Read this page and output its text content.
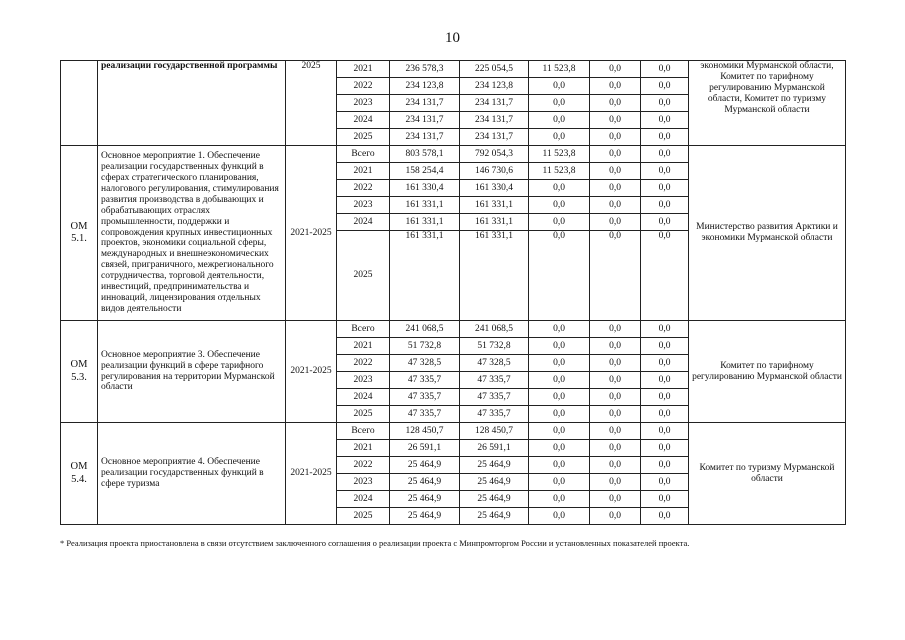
10
	реализации государственной программы	2025	2021	236 578,3	225 054,5	11 523,8	0,0	0,0	экономики Мурманской области, Комитет по тарифному регулированию Мурманской области, Комитет по туризму Мурманской области
			2022	234 123,8	234 123,8	0,0	0,0	0,0	
			2023	234 131,7	234 131,7	0,0	0,0	0,0	
			2024	234 131,7	234 131,7	0,0	0,0	0,0	
			2025	234 131,7	234 131,7	0,0	0,0	0,0	
ОМ 5.1.	Основное мероприятие 1. Обеспечение реализации государственных функций в сферах стратегического планирования, налогового регулирования, стимулирования развития производства в добывающих и обрабатывающих отраслях промышленности, поддержки и сопровождения крупных инвестиционных проектов, экономики социальной сферы, международных и внешнеэкономических связей, приграничного, межрегионального сотрудничества, торговой деятельности, инвестиций, предпринимательства и инноваций, лицензирования отдельных видов деятельности	2021-2025	Всего	803 578,1	792 054,3	11 523,8	0,0	0,0	Министерство развития Арктики и экономики Мурманской области
			2021	158 254,4	146 730,6	11 523,8	0,0	0,0	
			2022	161 330,4	161 330,4	0,0	0,0	0,0	
			2023	161 331,1	161 331,1	0,0	0,0	0,0	
			2024	161 331,1	161 331,1	0,0	0,0	0,0	
			2025	161 331,1	161 331,1	0,0	0,0	0,0	
ОМ 5.3.	Основное мероприятие 3. Обеспечение реализации функций в сфере тарифного регулирования на территории Мурманской области	2021-2025	Всего	241 068,5	241 068,5	0,0	0,0	0,0	Комитет по тарифному регулированию Мурманской области
			2021	51 732,8	51 732,8	0,0	0,0	0,0	
			2022	47 328,5	47 328,5	0,0	0,0	0,0	
			2023	47 335,7	47 335,7	0,0	0,0	0,0	
			2024	47 335,7	47 335,7	0,0	0,0	0,0	
			2025	47 335,7	47 335,7	0,0	0,0	0,0	
ОМ 5.4.	Основное мероприятие 4. Обеспечение реализации государственных функций в сфере туризма	2021-2025	Всего	128 450,7	128 450,7	0,0	0,0	0,0	Комитет по туризму Мурманской области
			2021	26 591,1	26 591,1	0,0	0,0	0,0	
			2022	25 464,9	25 464,9	0,0	0,0	0,0	
			2023	25 464,9	25 464,9	0,0	0,0	0,0	
			2024	25 464,9	25 464,9	0,0	0,0	0,0	
			2025	25 464,9	25 464,9	0,0	0,0	0,0	
* Реализация проекта приостановлена в связи отсутствием заключенного соглашения о реализации проекта с Минпромторгом России и установленных показателей проекта.
